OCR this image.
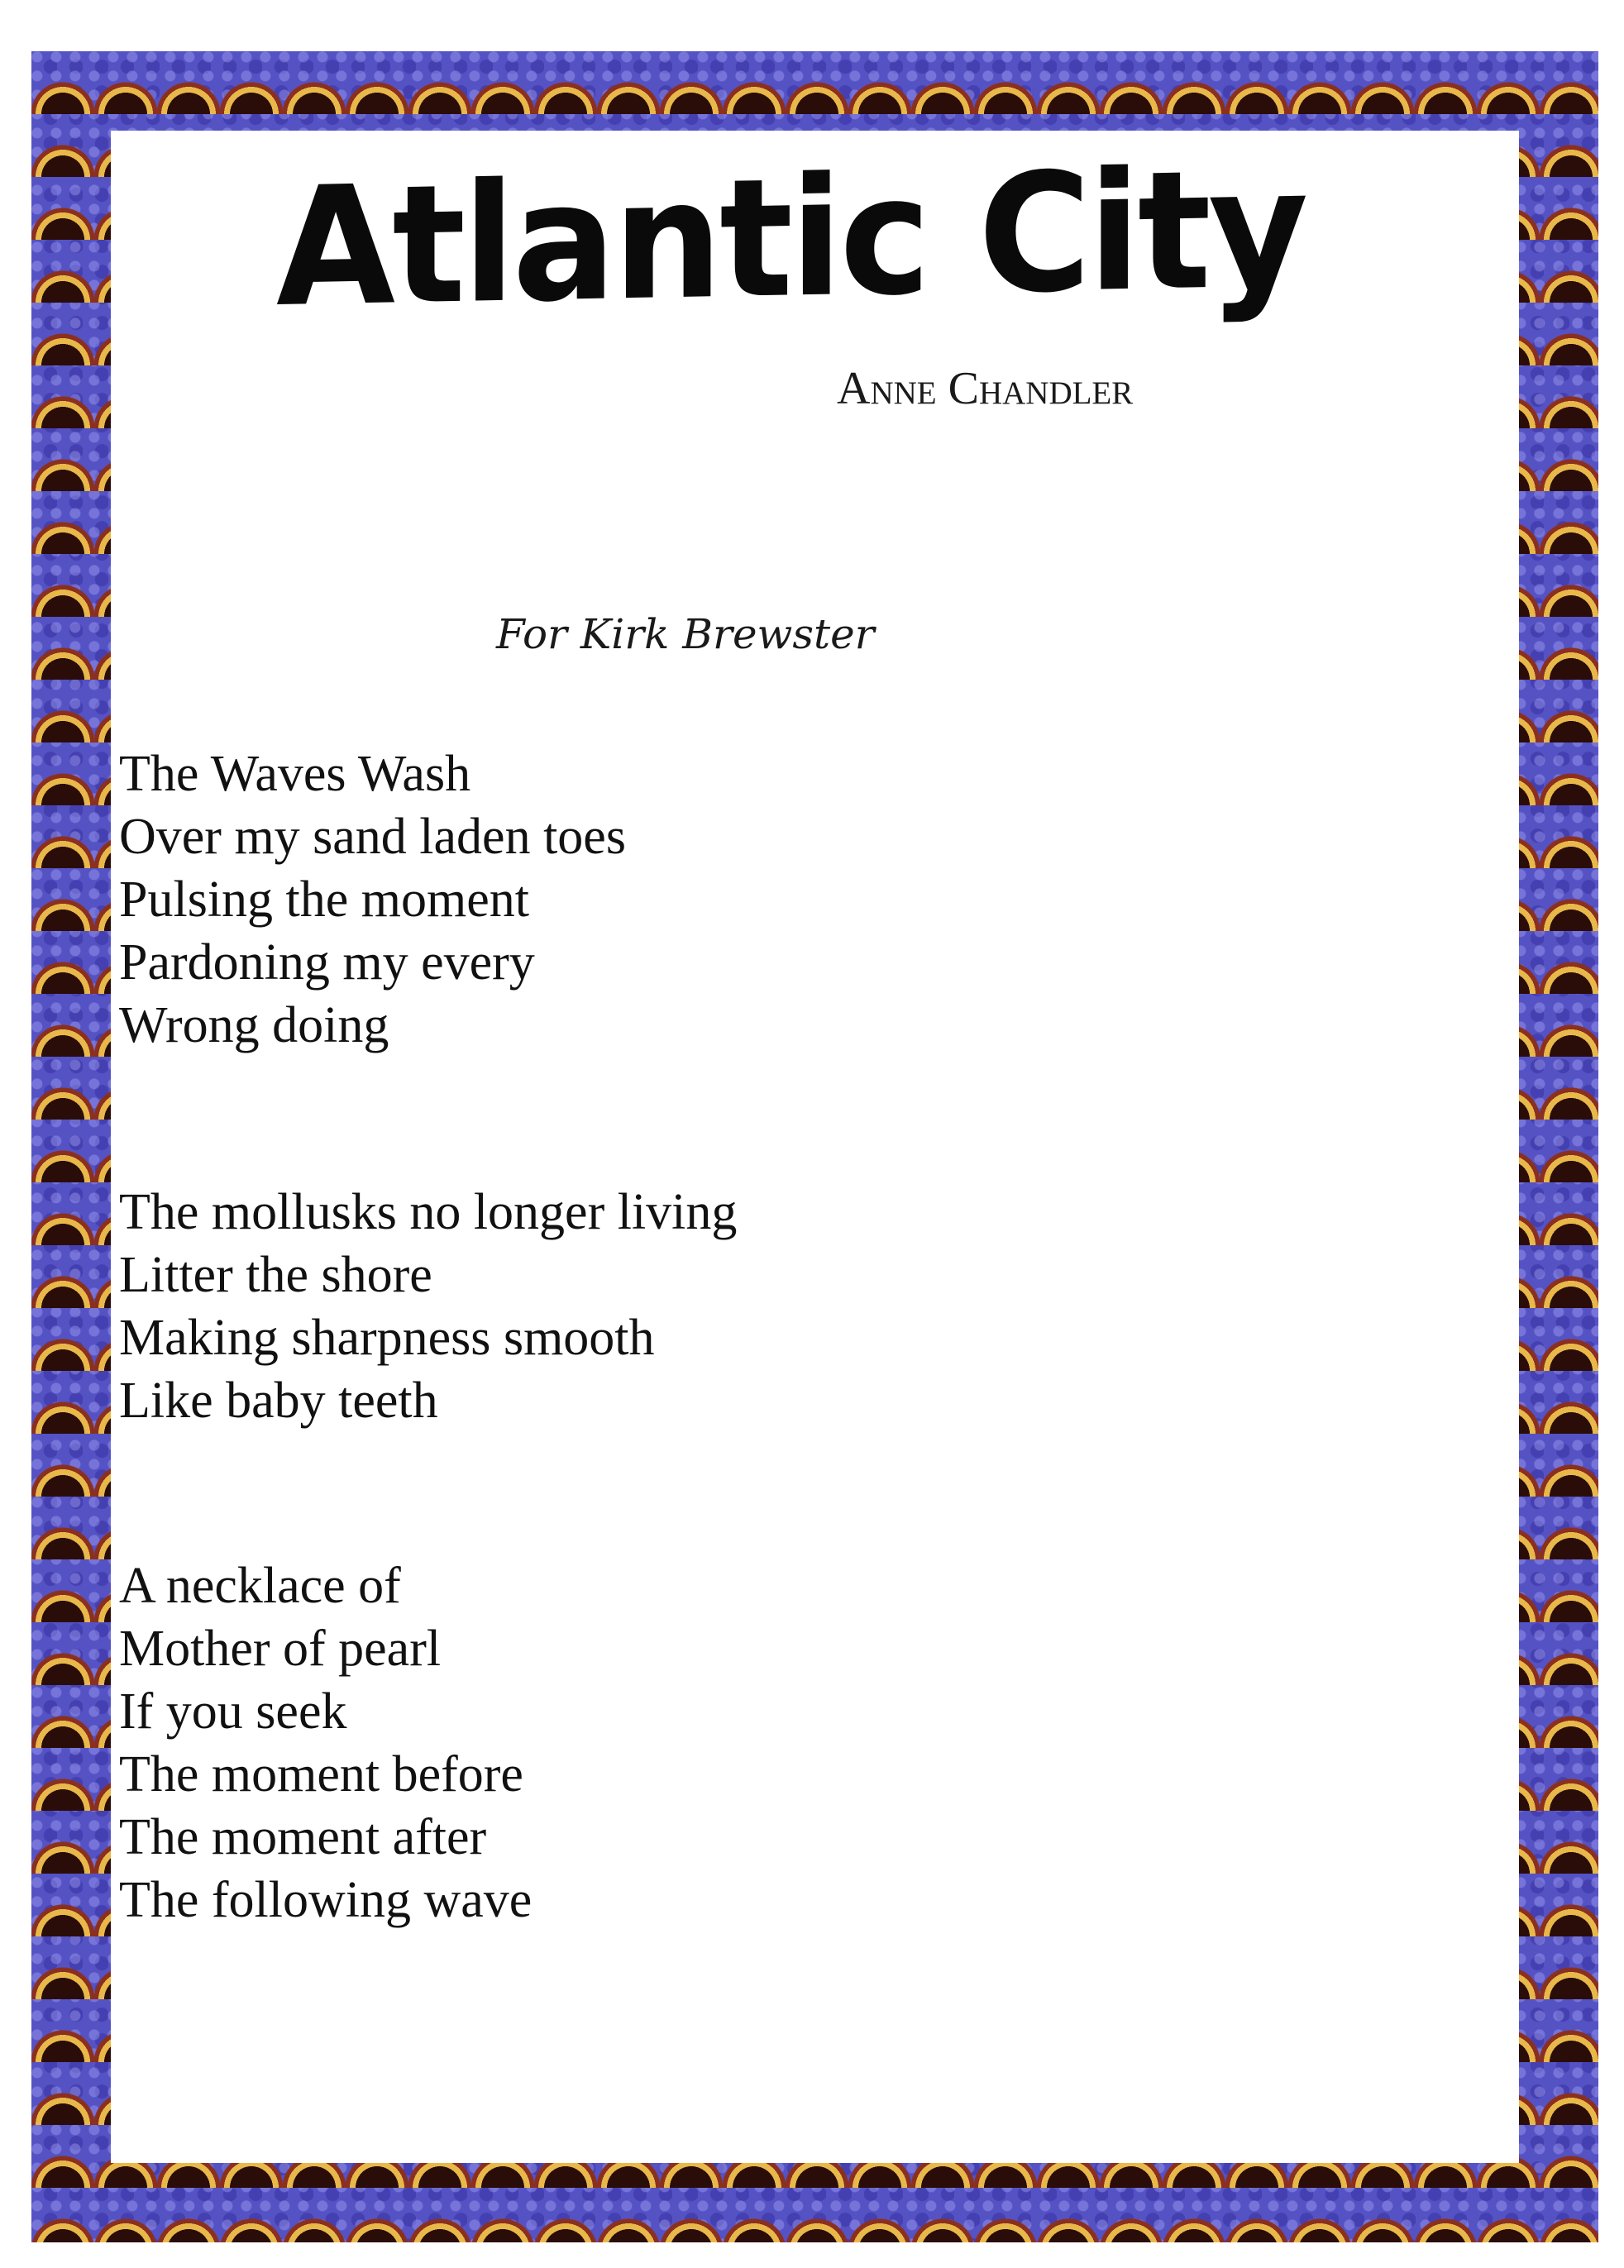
Atlantic City
Anne Chandler
For Kirk Brewster
The Waves Wash
Over my sand laden toes
Pulsing the moment
Pardoning my every
Wrong doing
The mollusks no longer living
Litter the shore
Making sharpness smooth
Like baby teeth
A necklace of
Mother of pearl
If you seek
The moment before
The moment after
The following wave
